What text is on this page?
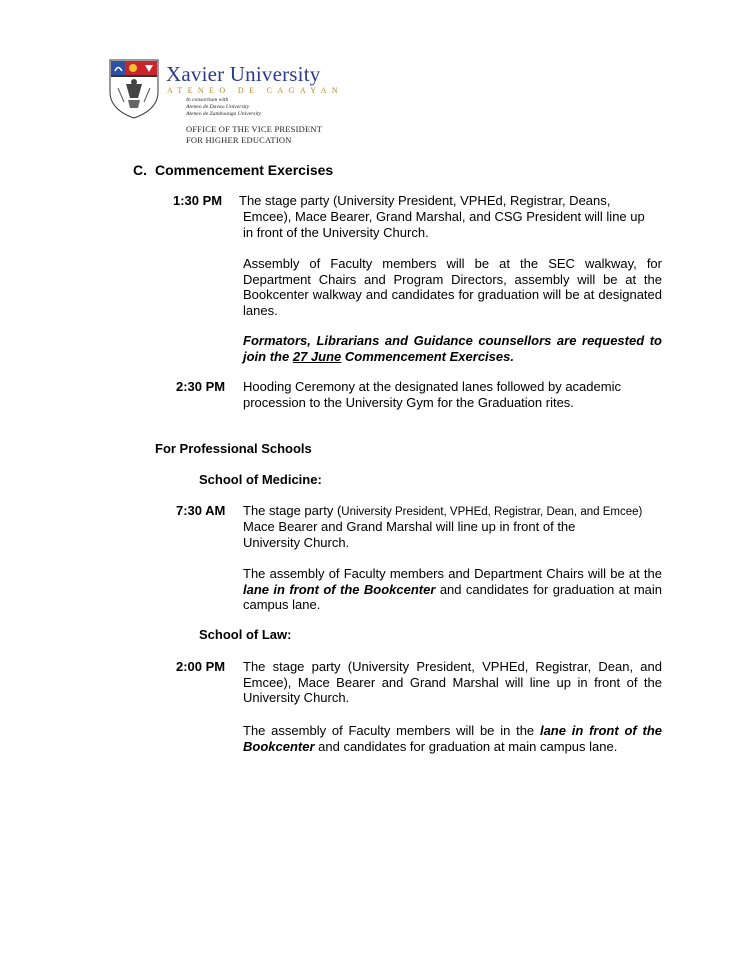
Xavier University
ATENEO DE CAGAYAN
In consortium with
Ateneo de Davao University
Ateneo de Zamboanga University
OFFICE OF THE VICE PRESIDENT
FOR HIGHER EDUCATION
C. Commencement Exercises
1:30 PM The stage party (University President, VPHEd, Registrar, Deans,
Emcee), Mace Bearer, Grand Marshal, and CSG President will line up
in front of the University Church.
Assembly of Faculty members will be at the SEC walkway, for Department Chairs and Program Directors, assembly will be at the Bookcenter walkway and candidates for graduation will be at designated lanes.
Formators, Librarians and Guidance counsellors are requested to join the 27 June Commencement Exercises.
2:30 PM Hooding Ceremony at the designated lanes followed by academic
procession to the University Gym for the Graduation rites.
For Professional Schools
School of Medicine:
7:30 AM The stage party (University President, VPHEd, Registrar, Dean, and Emcee)
Mace Bearer and Grand Marshal will line up in front of the
University Church.
The assembly of Faculty members and Department Chairs will be at the lane in front of the Bookcenter and candidates for graduation at main campus lane.
School of Law:
2:00 PM The stage party (University President, VPHEd, Registrar, Dean, and Emcee), Mace Bearer and Grand Marshal will line up in front of the University Church.
The assembly of Faculty members will be in the lane in front of the Bookcenter and candidates for graduation at main campus lane.
